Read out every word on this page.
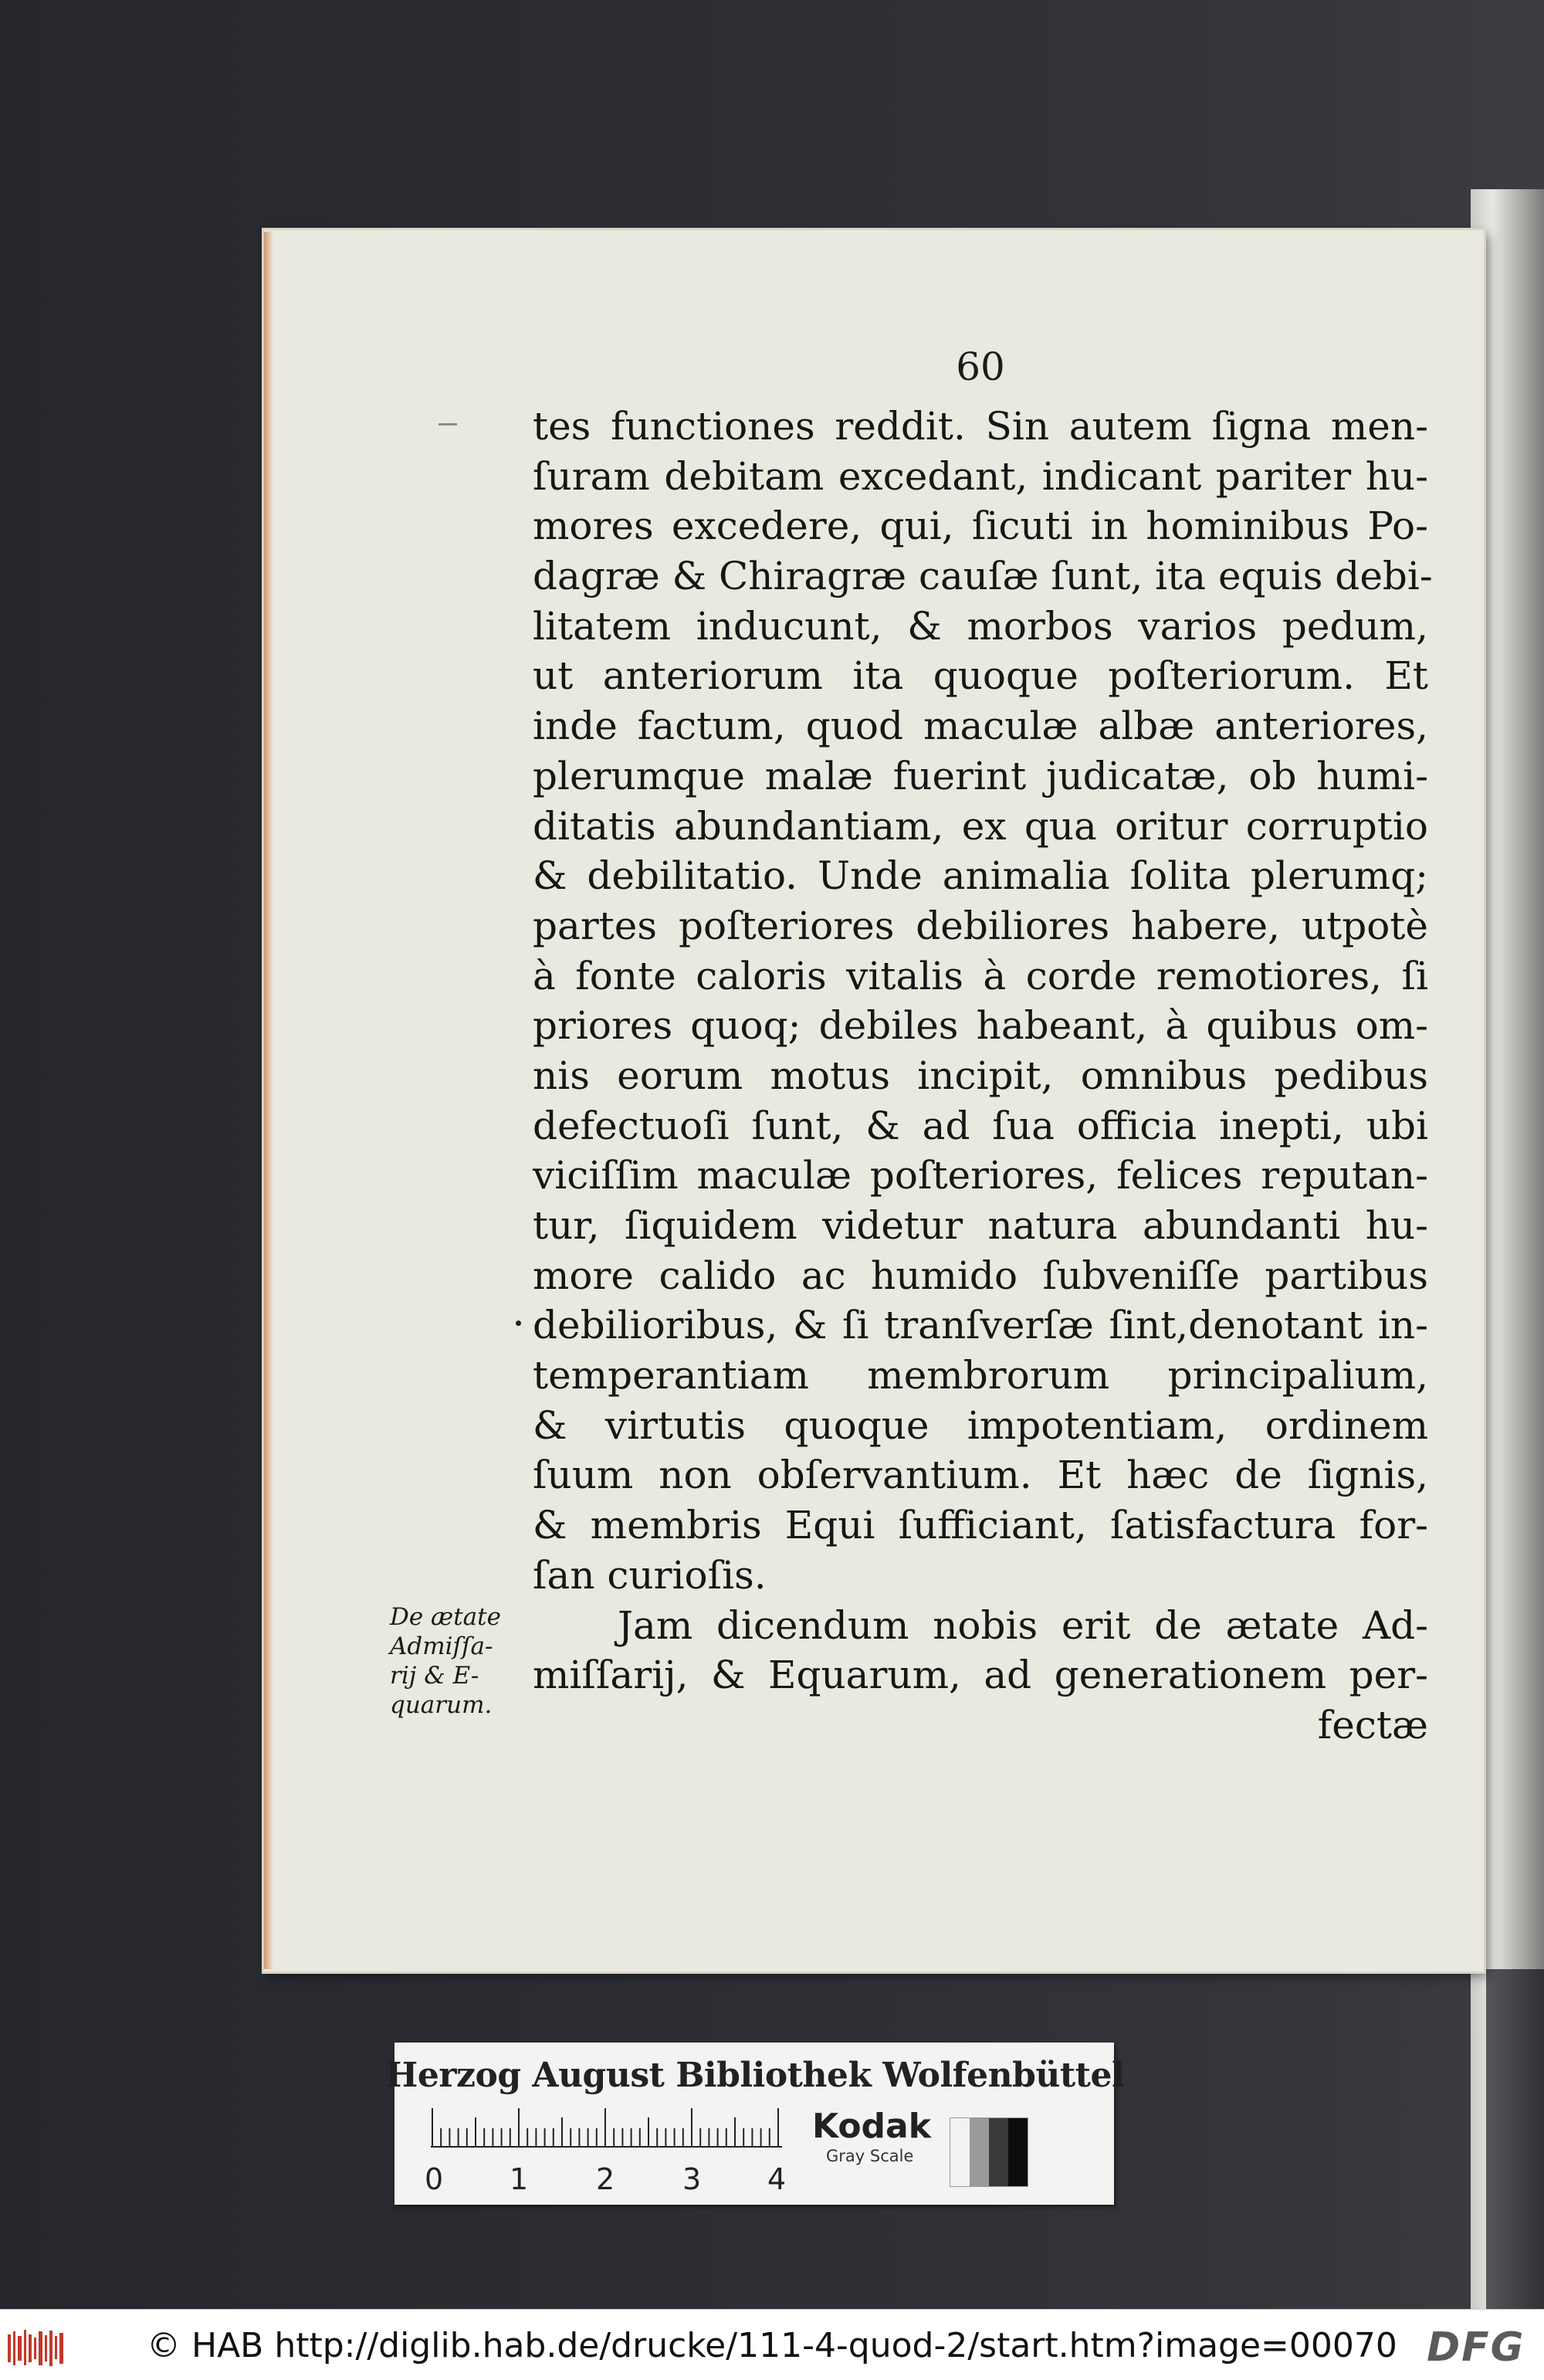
60
tes functiones reddit. Sin autem ſigna men-
ſuram debitam excedant, indicant pariter hu-
mores excedere, qui, ſicuti in hominibus Po-
dagræ & Chiragræ cauſæ ſunt, ita equis debi-
litatem inducunt, & morbos varios pedum,
ut anteriorum ita quoque poſteriorum. Et
inde factum, quod maculæ albæ anteriores,
plerumque malæ fuerint judicatæ, ob humi-
ditatis abundantiam, ex qua oritur corruptio
& debilitatio. Unde animalia ſolita plerumq;
partes poſteriores debiliores habere, utpotè
à fonte caloris vitalis à corde remotiores, ſi
priores quoq; debiles habeant, à quibus om-
nis eorum motus incipit, omnibus pedibus
defectuoſi ſunt, & ad ſua officia inepti, ubi
viciſſim maculæ poſteriores, felices reputan-
tur, ſiquidem videtur natura abundanti hu-
more calido ac humido ſubveniſſe partibus
debilioribus, & ſi tranſverſæ ſint,denotant in-
temperantiam membrorum principalium,
& virtutis quoque impotentiam, ordinem
ſuum non obſervantium. Et hæc de ſignis,
& membris Equi ſufficiant, ſatisfactura for-
ſan curioſis.
Jam dicendum nobis erit de ætate Ad-
miſſarij, & Equarum, ad generationem per-
fectæ
De ætate
Admiſſa-
rij & E-
quarum.
Herzog August Bibliothek Wolfenbüttel
0 1 2 3 4
Kodak
Gray Scale
© HAB http://diglib.hab.de/drucke/111-4-quod-2/start.htm?image=00070 DFG
